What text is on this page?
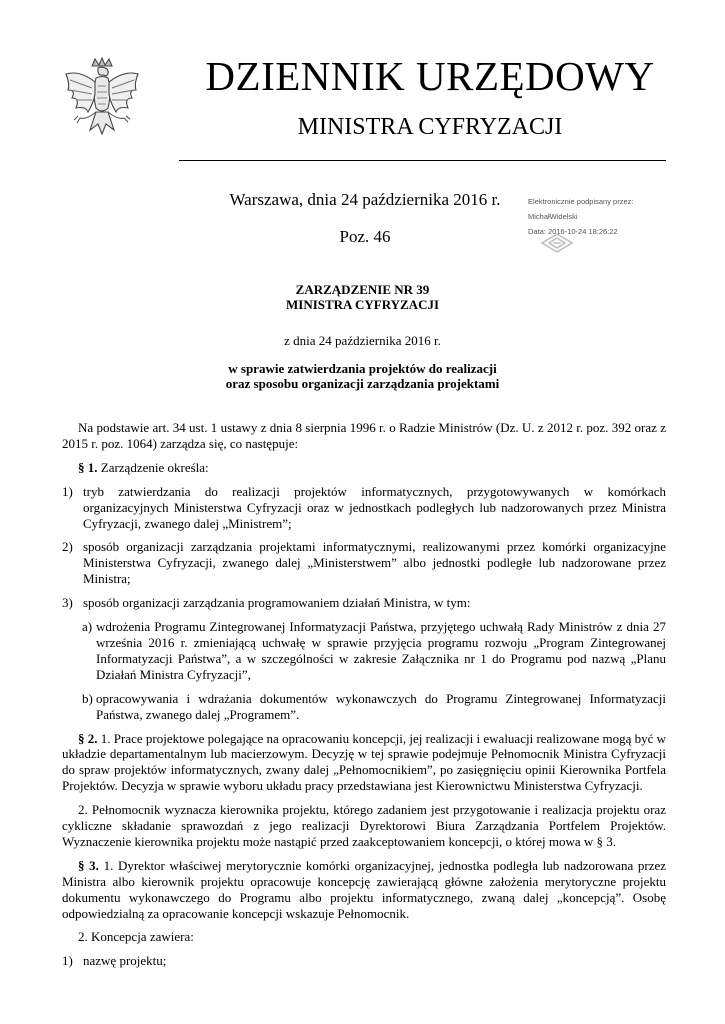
DZIENNIK URZĘDOWY
MINISTRA CYFRYZACJI
Warszawa, dnia 24 października 2016 r.
Poz. 46
Elektronicznie podpisany przez:
MichałWidelski
Data: 2016-10-24 18:26:22
ZARZĄDZENIE NR 39
MINISTRA CYFRYZACJI
z dnia 24 października 2016 r.
w sprawie zatwierdzania projektów do realizacji
oraz sposobu organizacji zarządzania projektami

Na podstawie art. 34 ust. 1 ustawy z dnia 8 sierpnia 1996 r. o Radzie Ministrów (Dz. U. z 2012 r. poz. 392 oraz z 2015 r. poz. 1064) zarządza się, co następuje:

§ 1. Zarządzenie określa:

1) tryb zatwierdzania do realizacji projektów informatycznych, przygotowywanych w komórkach organizacyjnych Ministerstwa Cyfryzacji oraz w jednostkach podległych lub nadzorowanych przez Ministra Cyfryzacji, zwanego dalej „Ministrem”;
2) sposób organizacji zarządzania projektami informatycznymi, realizowanymi przez komórki organizacyjne Ministerstwa Cyfryzacji, zwanego dalej „Ministerstwem” albo jednostki podległe lub nadzorowane przez Ministra;
3) sposób organizacji zarządzania programowaniem działań Ministra, w tym:
a) wdrożenia Programu Zintegrowanej Informatyzacji Państwa, przyjętego uchwałą Rady Ministrów z dnia 27 września 2016 r. zmieniającą uchwałę w sprawie przyjęcia programu rozwoju „Program Zintegrowanej Informatyzacji Państwa”, a w szczególności w zakresie Załącznika nr 1 do Programu pod nazwą „Planu Działań Ministra Cyfryzacji”,
b) opracowywania i wdrażania dokumentów wykonawczych do Programu Zintegrowanej Informatyzacji Państwa, zwanego dalej „Programem”.

§ 2. 1. Prace projektowe polegające na opracowaniu koncepcji, jej realizacji i ewaluacji realizowane mogą być w układzie departamentalnym lub macierzowym. Decyzję w tej sprawie podejmuje Pełnomocnik Ministra Cyfryzacji do spraw projektów informatycznych, zwany dalej „Pełnomocnikiem”, po zasięgnięciu opinii Kierownika Portfela Projektów. Decyzja w sprawie wyboru układu pracy przedstawiana jest Kierownictwu Ministerstwa Cyfryzacji.

2. Pełnomocnik wyznacza kierownika projektu, którego zadaniem jest przygotowanie i realizacja projektu oraz cykliczne składanie sprawozdań z jego realizacji Dyrektorowi Biura Zarządzania Portfelem Projektów. Wyznaczenie kierownika projektu może nastąpić przed zaakceptowaniem koncepcji, o której mowa w § 3.

§ 3. 1. Dyrektor właściwej merytorycznie komórki organizacyjnej, jednostka podległa lub nadzorowana przez Ministra albo kierownik projektu opracowuje koncepcję zawierającą główne założenia merytoryczne projektu dokumentu wykonawczego do Programu albo projektu informatycznego, zwaną dalej „koncepcją”. Osobę odpowiedzialną za opracowanie koncepcji wskazuje Pełnomocnik.

2. Koncepcja zawiera:

1) nazwę projektu;
